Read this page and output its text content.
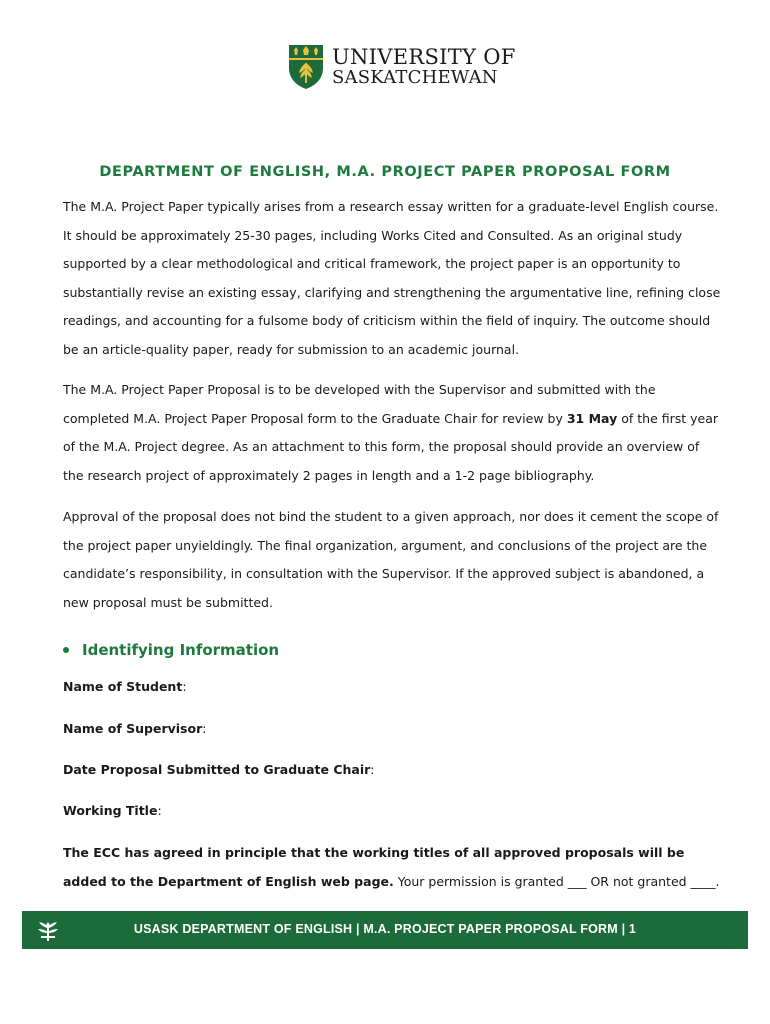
UNIVERSITY OF
SASKATCHEWAN
DEPARTMENT OF ENGLISH, M.A. PROJECT PAPER PROPOSAL FORM

The M.A. Project Paper typically arises from a research essay written for a graduate-level English course. It should be approximately 25-30 pages, including Works Cited and Consulted. As an original study supported by a clear methodological and critical framework, the project paper is an opportunity to substantially revise an existing essay, clarifying and strengthening the argumentative line, refining close readings, and accounting for a fulsome body of criticism within the field of inquiry. The outcome should be an article-quality paper, ready for submission to an academic journal.

The M.A. Project Paper Proposal is to be developed with the Supervisor and submitted with the completed M.A. Project Paper Proposal form to the Graduate Chair for review by 31 May of the first year of the M.A. Project degree. As an attachment to this form, the proposal should provide an overview of the research project of approximately 2 pages in length and a 1-2 page bibliography.

Approval of the proposal does not bind the student to a given approach, nor does it cement the scope of the project paper unyieldingly. The final organization, argument, and conclusions of the project are the candidate’s responsibility, in consultation with the Supervisor. If the approved subject is abandoned, a new proposal must be submitted.

Identifying Information
Name of Student:
Name of Supervisor:
Date Proposal Submitted to Graduate Chair:
Working Title:

The ECC has agreed in principle that the working titles of all approved proposals will be added to the Department of English web page. Your permission is granted ___ OR not granted ____.

USASK DEPARTMENT OF ENGLISH | M.A. PROJECT PAPER PROPOSAL FORM | 1
